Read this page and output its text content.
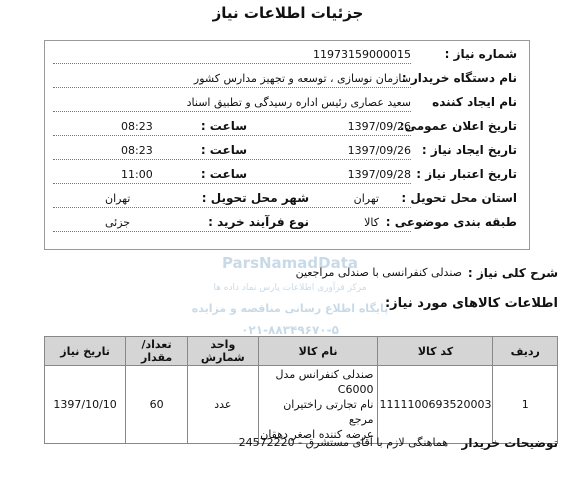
جزئیات اطلاعات نیاز
شماره نیاز :
11973159000015
نام دستگاه خریدار :
سازمان نوسازی ، توسعه و تجهیز مدارس کشور
نام ایجاد کننده
سعید عصاری رئیس اداره رسیدگی و تطبیق اسناد
تاریخ اعلان عمومی:
1397/09/26
ساعت :
08:23
تاریخ ایجاد نیاز :
1397/09/26
ساعت :
08:23
تاریخ اعتبار نیاز :
1397/09/28
ساعت :
11:00
استان محل تحویل :
تهران
شهر محل تحویل :
تهران
طبقه بندی موضوعی :
کالا
نوع فرآیند خرید :
جزئی
ParsNamadData
مرکز فرآوری اطلاعات پارس نماد داده ها
پایگاه اطلاع رسانی مناقصه و مزایده
۰۲۱-۸۸۳۴۹۶۷۰-۵
شرح کلی نیاز :
صندلی کنفرانسی با صندلی مراجعین
اطلاعات کالاهای مورد نیاز:
ردیف	کد کالا	نام کالا	واحد شمارش	تعداد/ مقدار	تاریخ نیاز
1	1111100693520003	صندلی کنفرانس مدل C6000
نام تجارتی راختیران مرجع
عرضه کننده اصغر دهقان	عدد	60	1397/10/10
توضیحات خریدار
هماهنگی لازم با آقای مستشرق - 24572220
